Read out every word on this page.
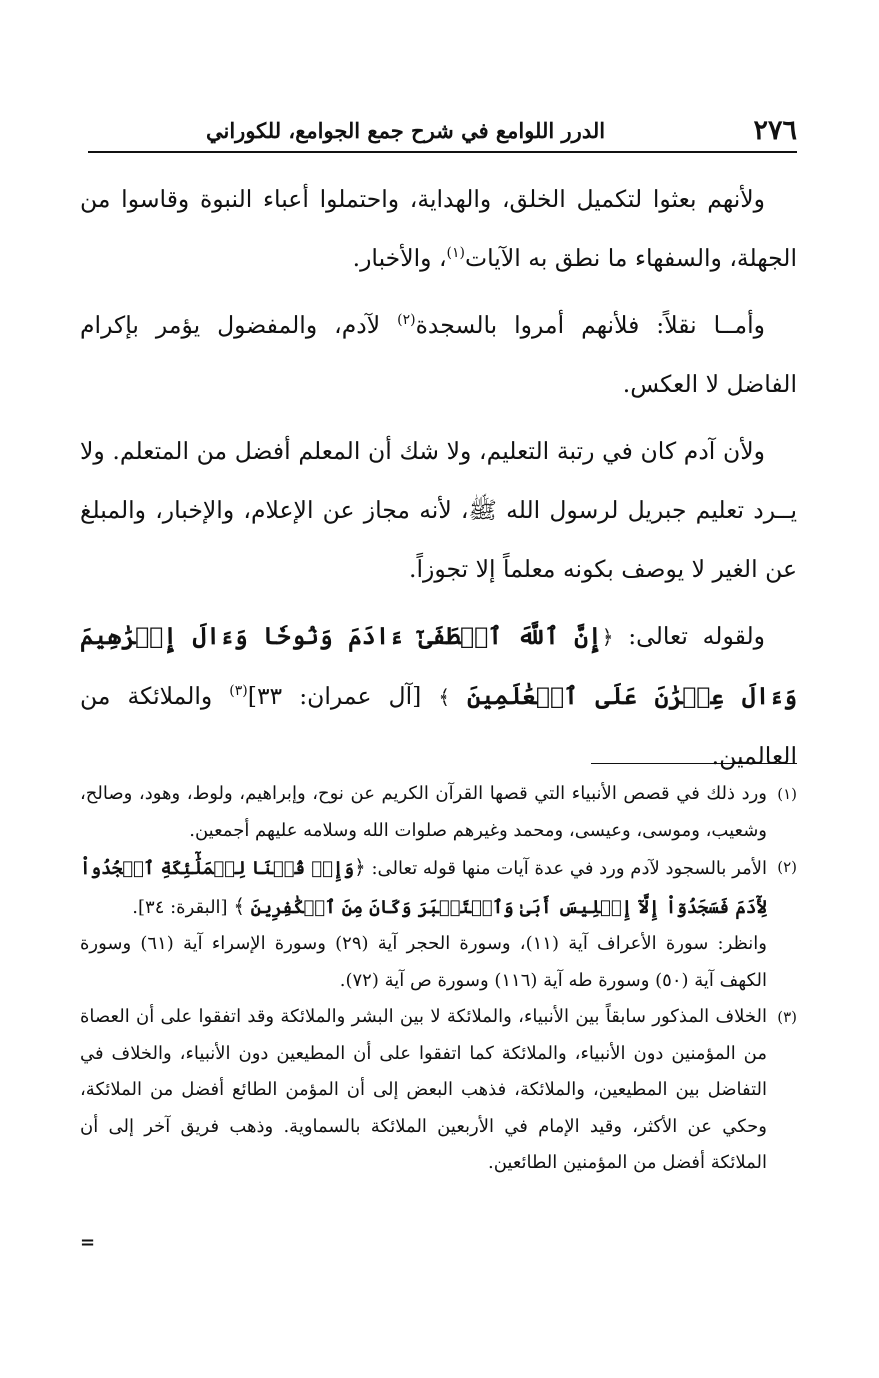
٢٧٦
الدرر اللوامع في شرح جمع الجوامع، للكوراني

ولأنهم بعثوا لتكميل الخلق، والهداية، واحتملوا أعباء النبوة وقاسوا من الجهلة، والسفهاء ما نطق به الآيات$^{(١)}$، والأخبار.

وأمــا نقلاً: فلأنهم أمروا بالسجدة$^{(٢)}$ لآدم، والمفضول يؤمر بإكرام الفاضل لا العكس.

ولأن آدم كان في رتبة التعليم، ولا شك أن المعلم أفضل من المتعلم. ولا يــرد تعليم جبريل لرسول الله ﷺ، لأنه مجاز عن الإعلام، والإخبار، والمبلغ عن الغير لا يوصف بكونه معلماً إلا تجوزاً.

ولقوله تعالى: ﴿إِنَّ ٱللَّهَ ٱصۡطَفَىٰٓ ءَادَمَ وَنُوحٗا وَءَالَ إِبۡرَٰهِيمَ وَءَالَ عِمۡرَٰنَ عَلَى ٱلۡعَٰلَمِينَ ﴾ [آل عمران: ٣٣]$^{(٣)}$ والملائكة من العالمين.

(١)

ورد ذلك في قصص الأنبياء التي قصها القرآن الكريم عن نوح، وإبراهيم، ولوط، وهود، وصالح، وشعيب، وموسى، وعيسى، ومحمد وغيرهم صلوات الله وسلامه عليهم أجمعين.

(٢)

الأمر بالسجود لآدم ورد في عدة آيات منها قوله تعالى: ﴿وَإِذۡ قُلۡنَا لِلۡمَلَٰٓئِكَةِ ٱسۡجُدُواْ لِأٓدَمَ فَسَجَدُوٓاْ إِلَّآ إِبۡلِيسَ أَبَىٰ وَٱسۡتَكۡبَرَ وَكَانَ مِنَ ٱلۡكَٰفِرِينَ ﴾ [البقرة: ٣٤].

وانظر: سورة الأعراف آية (١١)، وسورة الحجر آية (٢٩) وسورة الإسراء آية (٦١) وسورة الكهف آية (٥٠) وسورة طه آية (١١٦) وسورة ص آية (٧٢).

(٣)

الخلاف المذكور سابقاً بين الأنبياء، والملائكة لا بين البشر والملائكة وقد اتفقوا على أن العصاة من المؤمنين دون الأنبياء، والملائكة كما اتفقوا على أن المطيعين دون الأنبياء، والخلاف في التفاضل بين المطيعين، والملائكة، فذهب البعض إلى أن المؤمن الطائع أفضل من الملائكة، وحكي عن الأكثر، وقيد الإمام في الأربعين الملائكة بالسماوية. وذهب فريق آخر إلى أن الملائكة أفضل من المؤمنين الطائعين.

=
